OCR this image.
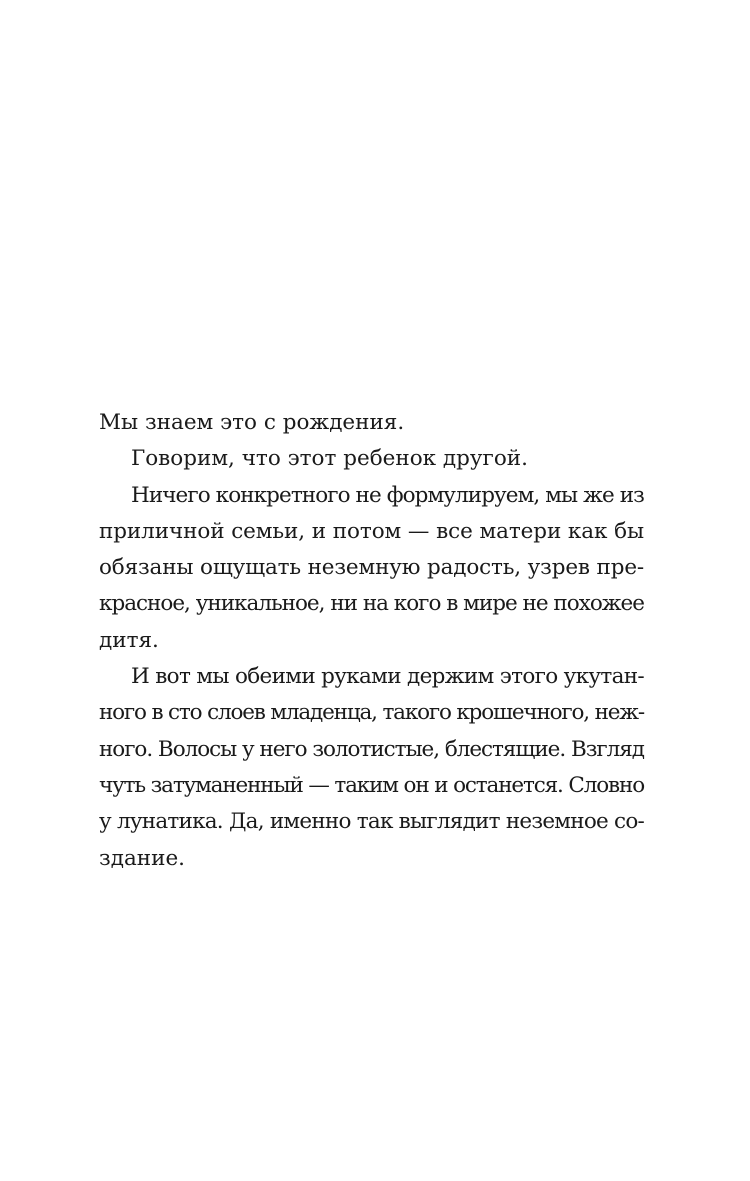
Мы знаем это с рождения.
Говорим, что этот ребенок другой.
Ничего конкретного не формулируем, мы же из
приличной семьи, и потом — все матери как бы
обязаны ощущать неземную радость, узрев пре-
красное, уникальное, ни на кого в мире не похожее
дитя.
И вот мы обеими руками держим этого укутан-
ного в сто слоев младенца, такого крошечного, неж-
ного. Волосы у него золотистые, блестящие. Взгляд
чуть затуманенный — таким он и останется. Словно
у лунатика. Да, именно так выглядит неземное со-
здание.
